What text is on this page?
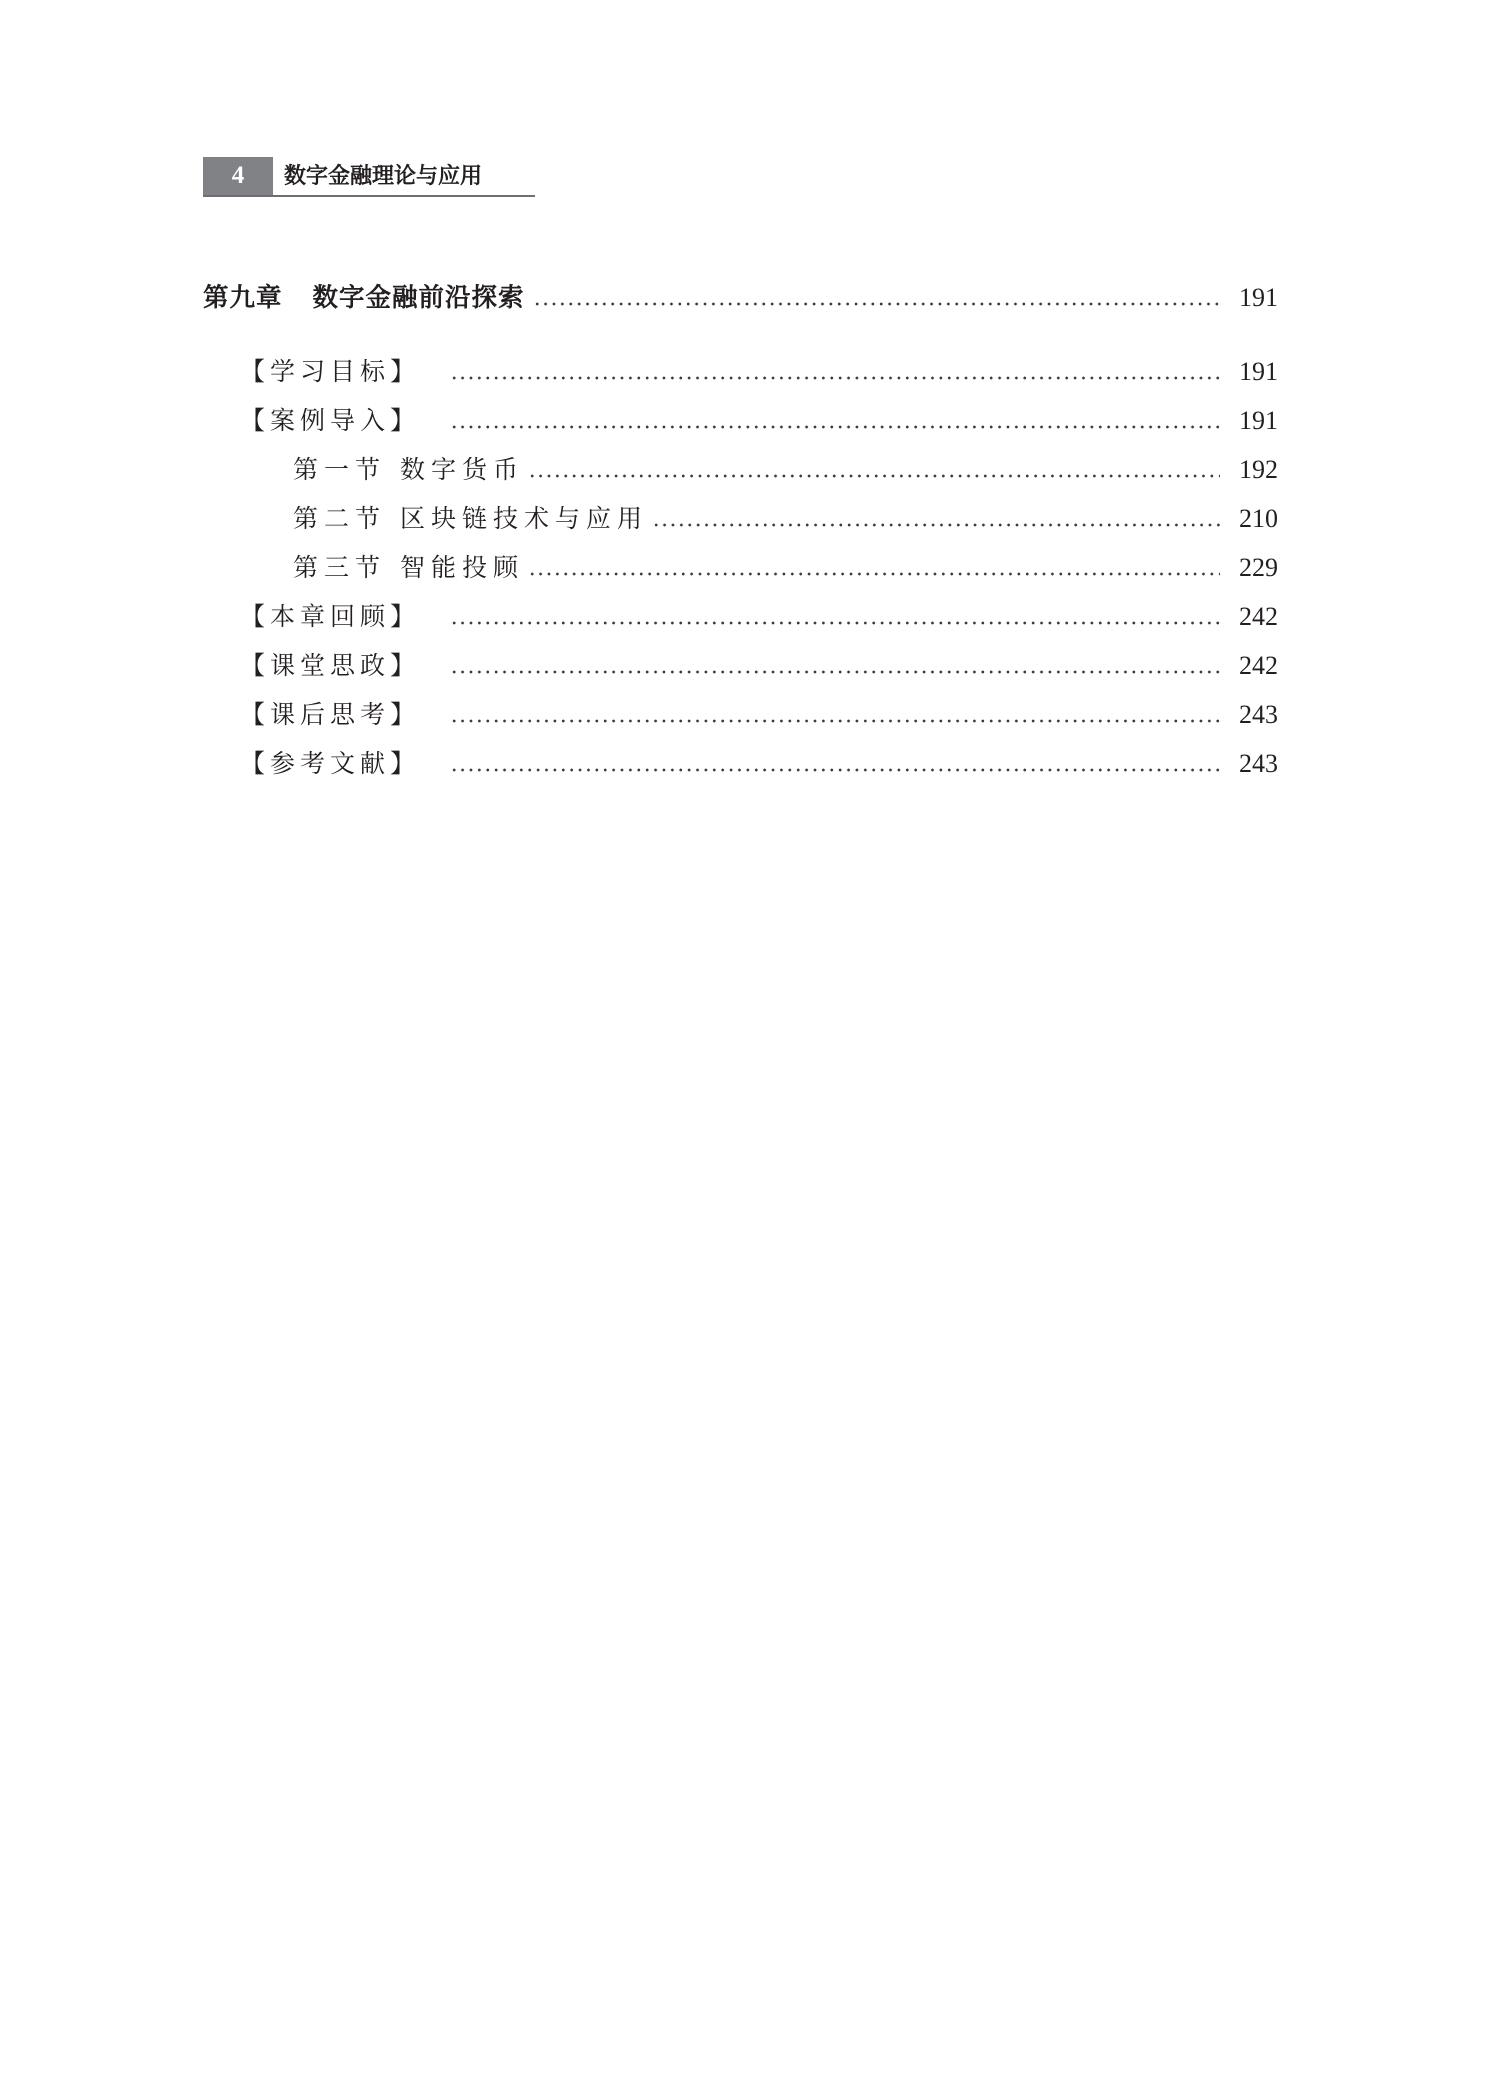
4	数字金融理论与应用
第九章 数字金融前沿探索	191
【学习目标】	191
【案例导入】	191
第一节 数字货币	192
第二节 区块链技术与应用	210
第三节 智能投顾	229
【本章回顾】	242
【课堂思政】	242
【课后思考】	243
【参考文献】	243
